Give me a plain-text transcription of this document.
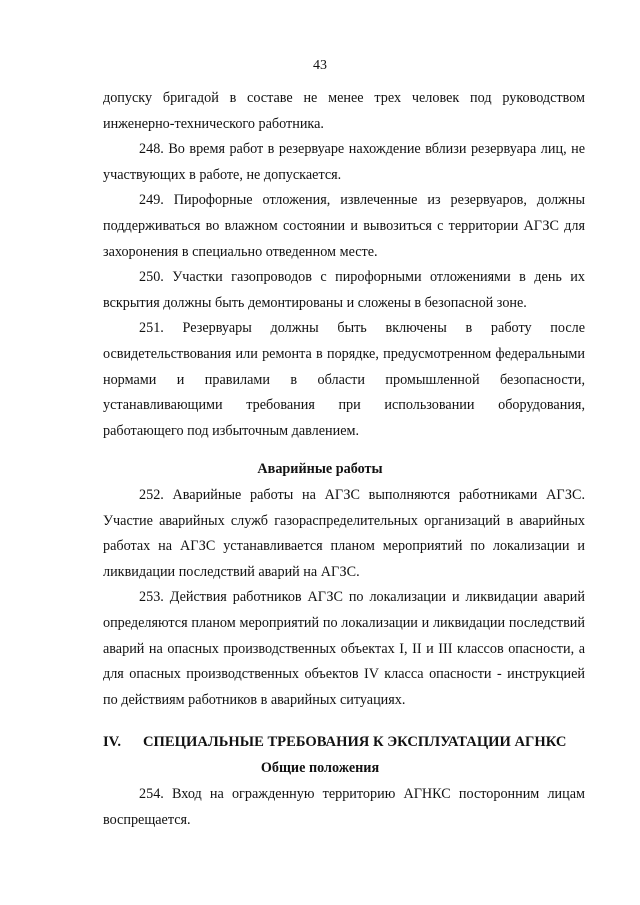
43

допуску бригадой в составе не менее трех человек под руководством инженерно-технического работника.

248. Во время работ в резервуаре нахождение вблизи резервуара лиц, не участвующих в работе, не допускается.

249. Пирофорные отложения, извлеченные из резервуаров, должны поддерживаться во влажном состоянии и вывозиться с территории АГЗС для захоронения в специально отведенном месте.

250. Участки газопроводов с пирофорными отложениями в день их вскрытия должны быть демонтированы и сложены в безопасной зоне.

251. Резервуары должны быть включены в работу после освидетельствования или ремонта в порядке, предусмотренном федеральными нормами и правилами в области промышленной безопасности, устанавливающими требования при использовании оборудования, работающего под избыточным давлением.

Аварийные работы

252. Аварийные работы на АГЗС выполняются работниками АГЗС. Участие аварийных служб газораспределительных организаций в аварийных работах на АГЗС устанавливается планом мероприятий по локализации и ликвидации последствий аварий на АГЗС.

253. Действия работников АГЗС по локализации и ликвидации аварий определяются планом мероприятий по локализации и ликвидации последствий аварий на опасных производственных объектах I, II и III классов опасности, а для опасных производственных объектов IV класса опасности - инструкцией по действиям работников в аварийных ситуациях.

IV. СПЕЦИАЛЬНЫЕ ТРЕБОВАНИЯ К ЭКСПЛУАТАЦИИ АГНКС
Общие положения

254. Вход на огражденную территорию АГНКС посторонним лицам воспрещается.
